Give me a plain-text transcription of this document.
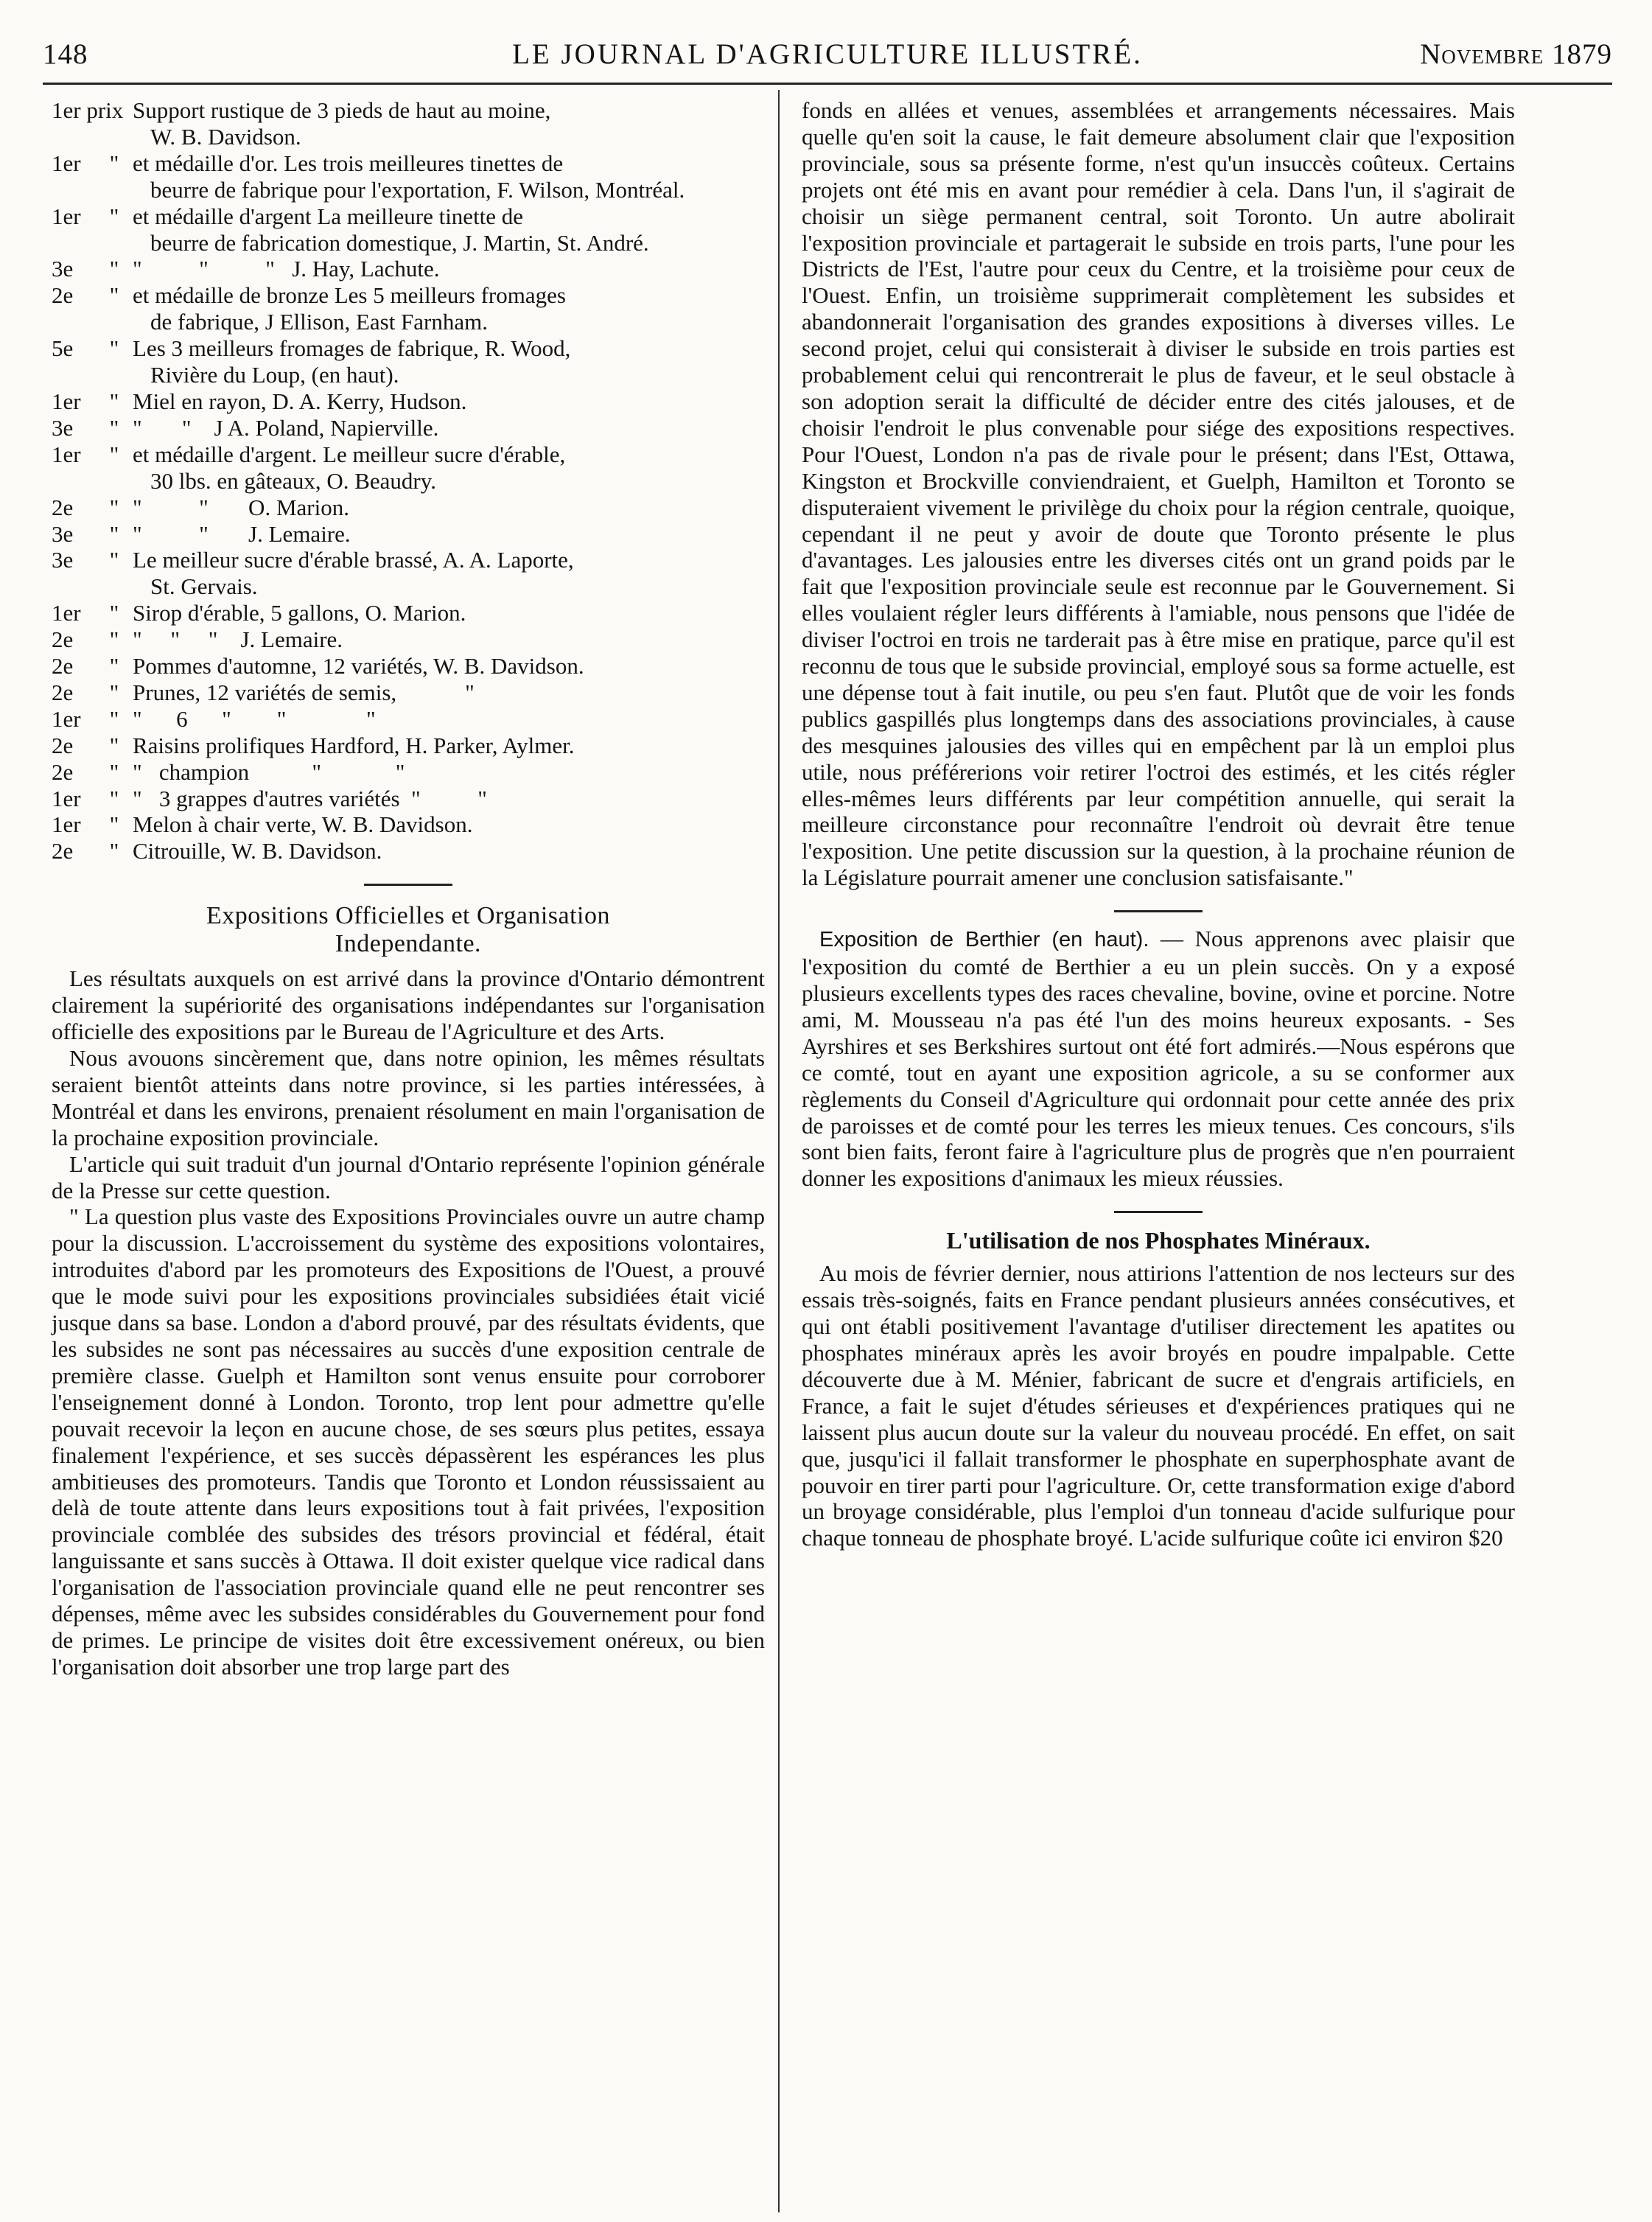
148	LE JOURNAL D'AGRICULTURE ILLUSTRÉ.	Novembre 1879
1er prix Support rustique de 3 pieds de haut au moine,
W. B. Davidson.
1er	" et médaille d'or. Les trois meilleures tinettes de
beurre de fabrique pour l'exportation, F. Wilson, Montréal.
1er	" et médaille d'argent La meilleure tinette de
beurre de fabrication domestique, J. Martin, St. André.
3e	" "          "          "   J. Hay, Lachute.
2e	" et médaille de bronze Les 5 meilleurs fromages
de fabrique, J Ellison, East Farnham.
5e	" Les 3 meilleurs fromages de fabrique, R. Wood,
Rivière du Loup, (en haut).
1er	" Miel en rayon, D. A. Kerry, Hudson.
3e	" "       "    J A. Poland, Napierville.
1er	" et médaille d'argent. Le meilleur sucre d'érable,
30 lbs. en gâteaux, O. Beaudry.
2e	" "          "       O. Marion.
3e	" "          "       J. Lemaire.
3e	" Le meilleur sucre d'érable brassé, A. A. Laporte,
St. Gervais.
1er	" Sirop d'érable, 5 gallons, O. Marion.
2e	" "     "     "    J. Lemaire.
2e	" Pommes d'automne, 12 variétés, W. B. Davidson.
2e	" Prunes, 12 variétés de semis,            "
1er	" "      6      "        "              "
2e	" Raisins prolifiques Hardford, H. Parker, Aylmer.
2e	" "   champion           "             "
1er	" "   3 grappes d'autres variétés  "          "
1er	" Melon à chair verte, W. B. Davidson.
2e	" Citrouille, W. B. Davidson.
Expositions Officielles et Organisation
Independante.

Les résultats auxquels on est arrivé dans la province d'Ontario démontrent clairement la supériorité des organisations indépendantes sur l'organisation officielle des expositions par le Bureau de l'Agriculture et des Arts.

Nous avouons sincèrement que, dans notre opinion, les mêmes résultats seraient bientôt atteints dans notre province, si les parties intéressées, à Montréal et dans les environs, prenaient résolument en main l'organisation de la prochaine exposition provinciale.

L'article qui suit traduit d'un journal d'Ontario représente l'opinion générale de la Presse sur cette question.

" La question plus vaste des Expositions Provinciales ouvre un autre champ pour la discussion. L'accroissement du système des expositions volontaires, introduites d'abord par les promoteurs des Expositions de l'Ouest, a prouvé que le mode suivi pour les expositions provinciales subsidiées était vicié jusque dans sa base. London a d'abord prouvé, par des résultats évidents, que les subsides ne sont pas nécessaires au succès d'une exposition centrale de première classe. Guelph et Hamilton sont venus ensuite pour corroborer l'enseignement donné à London. Toronto, trop lent pour admettre qu'elle pouvait recevoir la leçon en aucune chose, de ses sœurs plus petites, essaya finalement l'expérience, et ses succès dépassèrent les espérances les plus ambitieuses des promoteurs. Tandis que Toronto et London réussissaient au delà de toute attente dans leurs expositions tout à fait privées, l'exposition provinciale comblée des subsides des trésors provincial et fédéral, était languissante et sans succès à Ottawa. Il doit exister quelque vice radical dans l'organisation de l'association provinciale quand elle ne peut rencontrer ses dépenses, même avec les subsides considérables du Gouvernement pour fond de primes. Le principe de visites doit être excessivement onéreux, ou bien l'organisation doit absorber une trop large part des

fonds en allées et venues, assemblées et arrangements nécessaires. Mais quelle qu'en soit la cause, le fait demeure absolument clair que l'exposition provinciale, sous sa présente forme, n'est qu'un insuccès coûteux. Certains projets ont été mis en avant pour remédier à cela. Dans l'un, il s'agirait de choisir un siège permanent central, soit Toronto. Un autre abolirait l'exposition provinciale et partagerait le subside en trois parts, l'une pour les Districts de l'Est, l'autre pour ceux du Centre, et la troisième pour ceux de l'Ouest. Enfin, un troisième supprimerait complètement les subsides et abandonnerait l'organisation des grandes expositions à diverses villes. Le second projet, celui qui consisterait à diviser le subside en trois parties est probablement celui qui rencontrerait le plus de faveur, et le seul obstacle à son adoption serait la difficulté de décider entre des cités jalouses, et de choisir l'endroit le plus convenable pour siége des expositions respectives. Pour l'Ouest, London n'a pas de rivale pour le présent; dans l'Est, Ottawa, Kingston et Brockville conviendraient, et Guelph, Hamilton et Toronto se disputeraient vivement le privilège du choix pour la région centrale, quoique, cependant il ne peut y avoir de doute que Toronto présente le plus d'avantages. Les jalousies entre les diverses cités ont un grand poids par le fait que l'exposition provinciale seule est reconnue par le Gouvernement. Si elles voulaient régler leurs différents à l'amiable, nous pensons que l'idée de diviser l'octroi en trois ne tarderait pas à être mise en pratique, parce qu'il est reconnu de tous que le subside provincial, employé sous sa forme actuelle, est une dépense tout à fait inutile, ou peu s'en faut. Plutôt que de voir les fonds publics gaspillés plus longtemps dans des associations provinciales, à cause des mesquines jalousies des villes qui en empêchent par là un emploi plus utile, nous préférerions voir retirer l'octroi des estimés, et les cités régler elles-mêmes leurs différents par leur compétition annuelle, qui serait la meilleure circonstance pour reconnaître l'endroit où devrait être tenue l'exposition. Une petite discussion sur la question, à la prochaine réunion de la Législature pourrait amener une conclusion satisfaisante."

Exposition de Berthier (en haut). — Nous apprenons avec plaisir que l'exposition du comté de Berthier a eu un plein succès. On y a exposé plusieurs excellents types des races chevaline, bovine, ovine et porcine. Notre ami, M. Mousseau n'a pas été l'un des moins heureux exposants. - Ses Ayrshires et ses Berkshires surtout ont été fort admirés.—Nous espérons que ce comté, tout en ayant une exposition agricole, a su se conformer aux règlements du Conseil d'Agriculture qui ordonnait pour cette année des prix de paroisses et de comté pour les terres les mieux tenues. Ces concours, s'ils sont bien faits, feront faire à l'agriculture plus de progrès que n'en pourraient donner les expositions d'animaux les mieux réussies.

L'utilisation de nos Phosphates Minéraux.

Au mois de février dernier, nous attirions l'attention de nos lecteurs sur des essais très-soignés, faits en France pendant plusieurs années consécutives, et qui ont établi positivement l'avantage d'utiliser directement les apatites ou phosphates minéraux après les avoir broyés en poudre impalpable. Cette découverte due à M. Ménier, fabricant de sucre et d'engrais artificiels, en France, a fait le sujet d'études sérieuses et d'expériences pratiques qui ne laissent plus aucun doute sur la valeur du nouveau procédé. En effet, on sait que, jusqu'ici il fallait transformer le phosphate en superphosphate avant de pouvoir en tirer parti pour l'agriculture. Or, cette transformation exige d'abord un broyage considérable, plus l'emploi d'un tonneau d'acide sulfurique pour chaque tonneau de phosphate broyé. L'acide sulfurique coûte ici environ $20
